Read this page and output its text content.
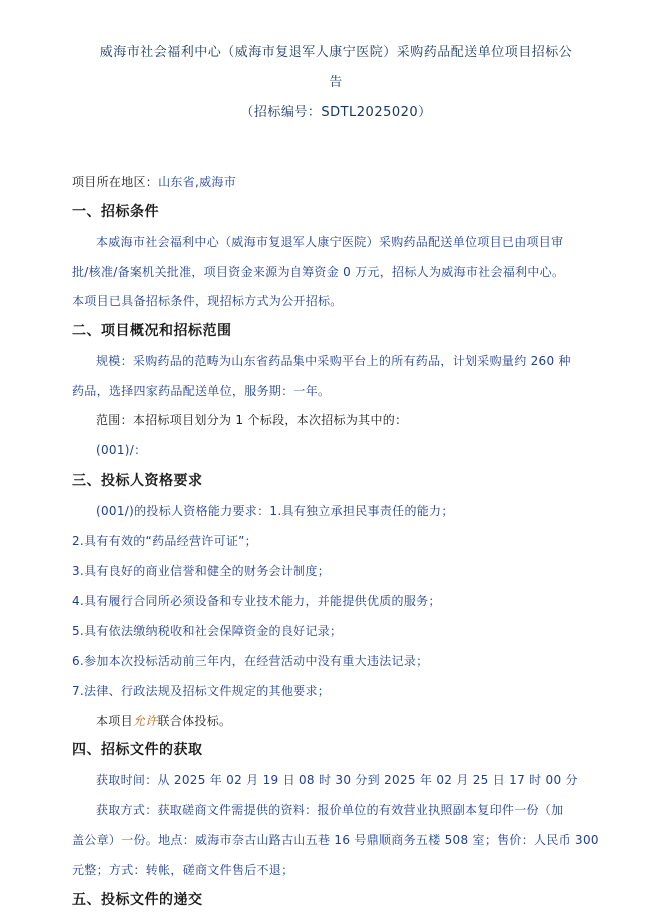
威海市社会福利中心（威海市复退军人康宁医院）采购药品配送单位项目招标公
告
（招标编号：SDTL2025020）
项目所在地区：山东省,威海市
一、招标条件
本威海市社会福利中心（威海市复退军人康宁医院）采购药品配送单位项目已由项目审
批/核准/备案机关批准，项目资金来源为自筹资金 0 万元，招标人为威海市社会福利中心。
本项目已具备招标条件，现招标方式为公开招标。
二、项目概况和招标范围
规模：采购药品的范畴为山东省药品集中采购平台上的所有药品，计划采购量约 260 种
药品，选择四家药品配送单位，服务期：一年。
范围：本招标项目划分为 1 个标段，本次招标为其中的：
(001)/：
三、投标人资格要求
(001/)的投标人资格能力要求：1.具有独立承担民事责任的能力；
2.具有有效的“药品经营许可证”；
3.具有良好的商业信誉和健全的财务会计制度；
4.具有履行合同所必须设备和专业技术能力，并能提供优质的服务；
5.具有依法缴纳税收和社会保障资金的良好记录；
6.参加本次投标活动前三年内，在经营活动中没有重大违法记录；
7.法律、行政法规及招标文件规定的其他要求；
本项目允许联合体投标。
四、招标文件的获取
获取时间：从 2025 年 02 月 19 日 08 时 30 分到 2025 年 02 月 25 日 17 时 00 分
获取方式：获取磋商文件需提供的资料：报价单位的有效营业执照副本复印件一份（加
盖公章）一份。地点：威海市奈古山路古山五巷 16 号鼎顺商务五楼 508 室；售价：人民币 300
元整；方式：转帐，磋商文件售后不退；
五、投标文件的递交
